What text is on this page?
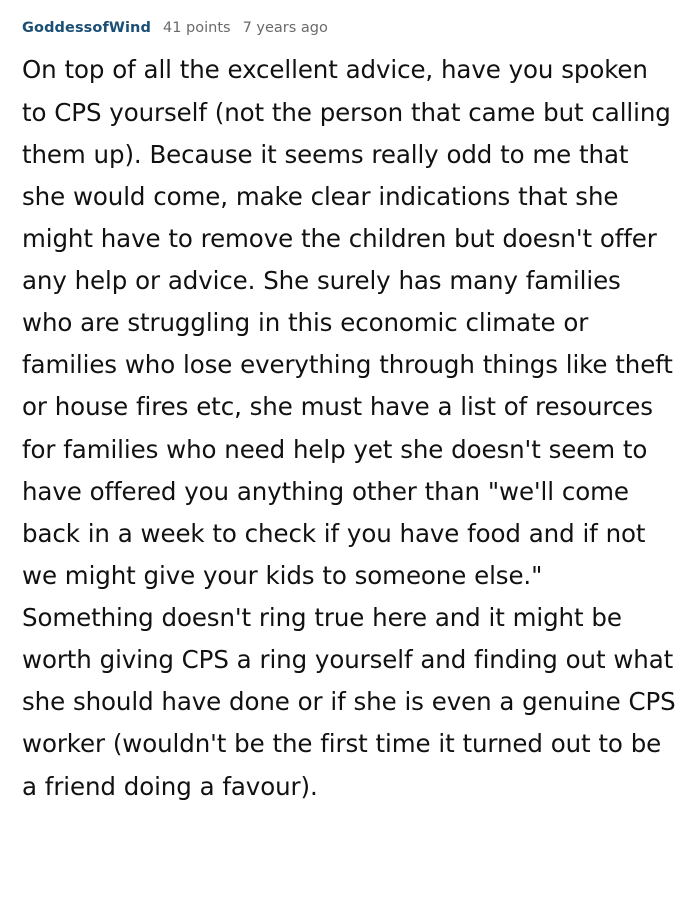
GoddessofWind 41 points 7 years ago
On top of all the excellent advice, have you spoken to CPS yourself (not the person that came but calling them up). Because it seems really odd to me that she would come, make clear indications that she might have to remove the children but doesn't offer any help or advice. She surely has many families who are struggling in this economic climate or families who lose everything through things like theft or house fires etc, she must have a list of resources for families who need help yet she doesn't seem to have offered you anything other than "we'll come back in a week to check if you have food and if not we might give your kids to someone else." Something doesn't ring true here and it might be worth giving CPS a ring yourself and finding out what she should have done or if she is even a genuine CPS worker (wouldn't be the first time it turned out to be a friend doing a favour).
